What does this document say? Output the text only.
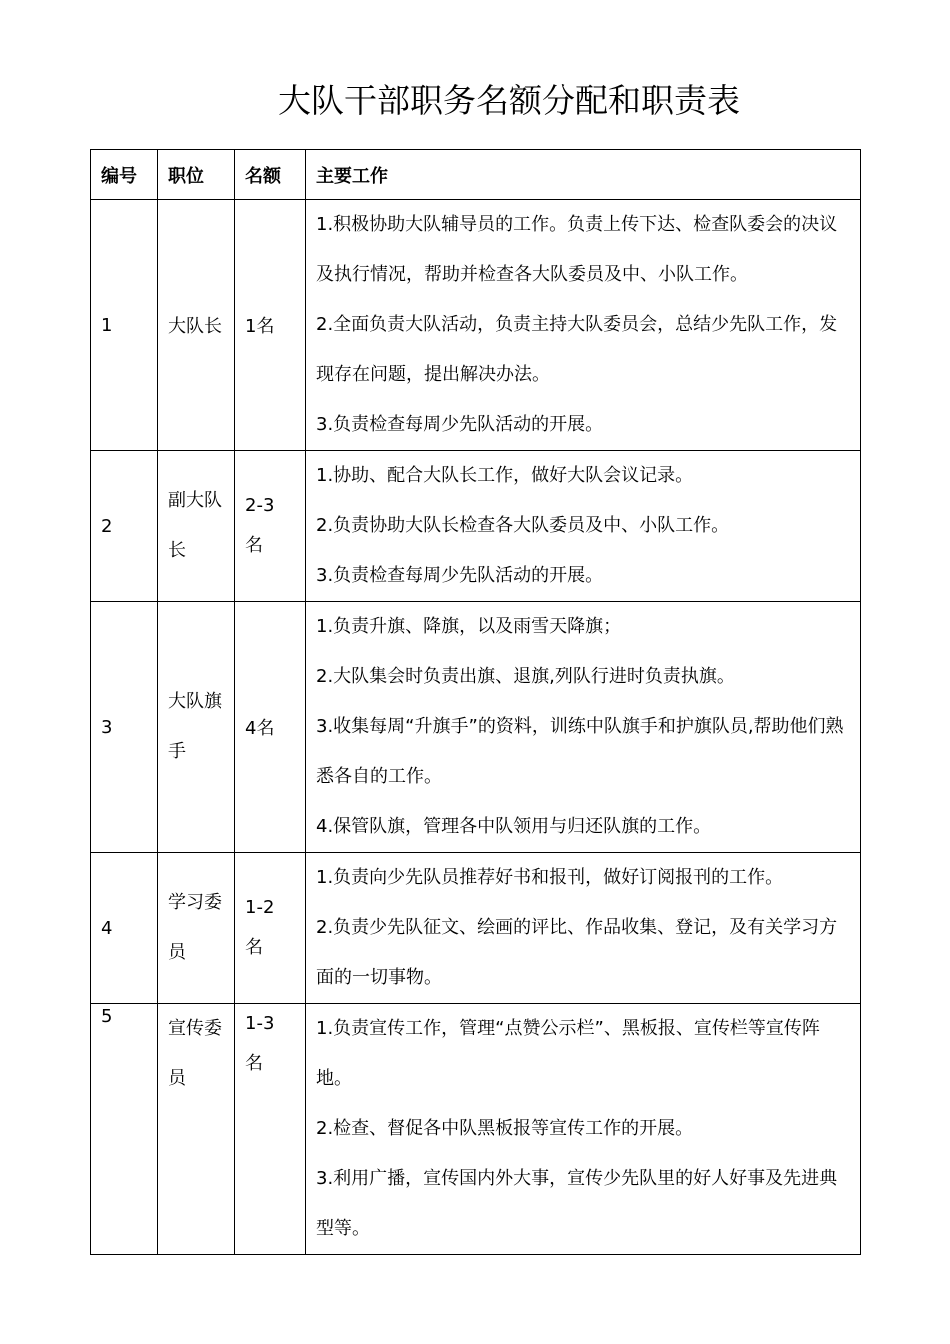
大队干部职务名额分配和职责表
编号	职位	名额	主要工作
1	大队长	1名	1.积极协助大队辅导员的工作。负责上传下达、检查队委会的决议及执行情况，帮助并检查各大队委员及中、小队工作。
2.全面负责大队活动，负责主持大队委员会，总结少先队工作，发现存在问题，提出解决办法。
3.负责检查每周少先队活动的开展。

2	副大队长	2-3名	1.协助、配合大队长工作，做好大队会议记录。
2.负责协助大队长检查各大队委员及中、小队工作。
3.负责检查每周少先队活动的开展。

3	大队旗手	4名	1.负责升旗、降旗，以及雨雪天降旗；
2.大队集会时负责出旗、退旗,列队行进时负责执旗。
3.收集每周“升旗手”的资料，训练中队旗手和护旗队员,帮助他们熟悉各自的工作。
4.保管队旗，管理各中队领用与归还队旗的工作。

4	学习委员	1-2名	1.负责向少先队员推荐好书和报刊，做好订阅报刊的工作。
2.负责少先队征文、绘画的评比、作品收集、登记，及有关学习方面的一切事物。

5	宣传委员	1-3名	1.负责宣传工作，管理“点赞公示栏”、黑板报、宣传栏等宣传阵地。
2.检查、督促各中队黑板报等宣传工作的开展。
3.利用广播，宣传国内外大事，宣传少先队里的好人好事及先进典型等。
